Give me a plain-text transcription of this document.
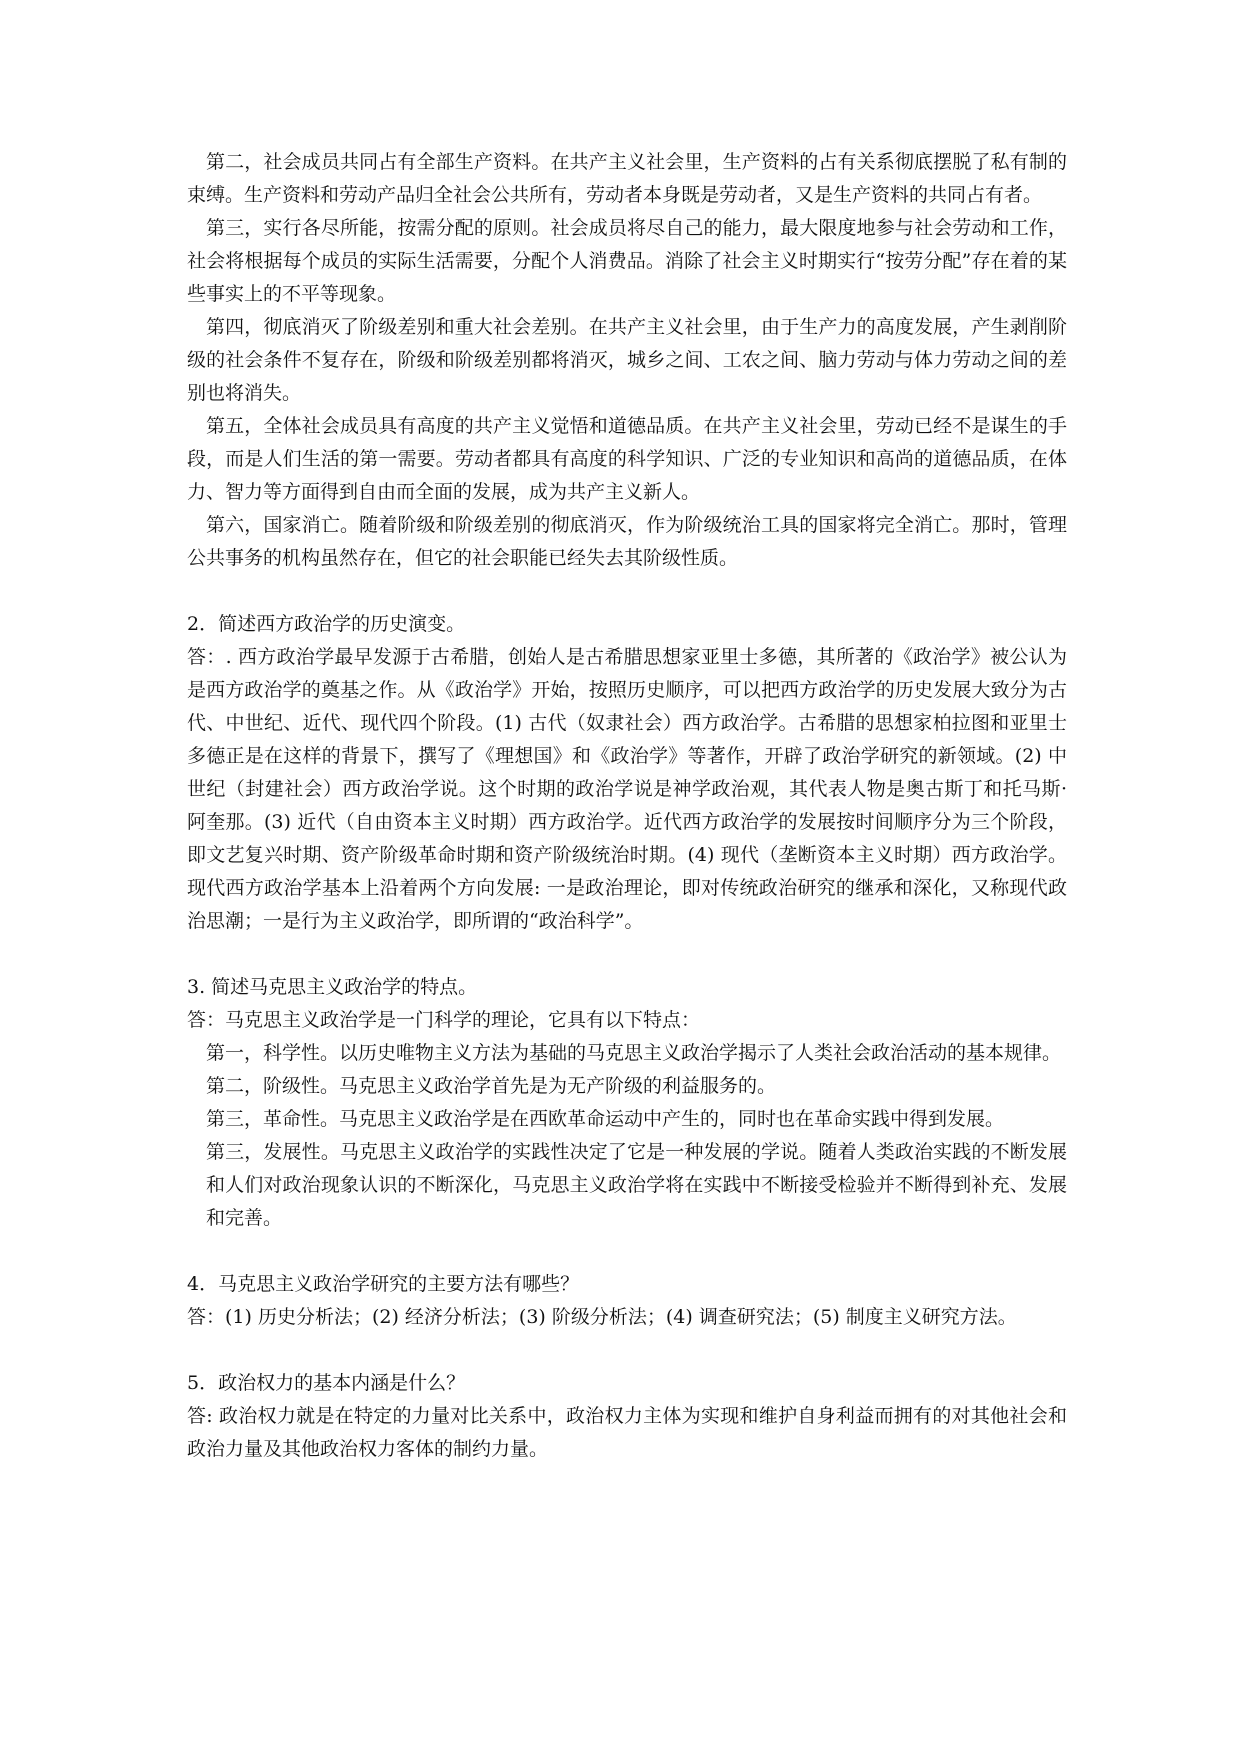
第二，社会成员共同占有全部生产资料。在共产主义社会里，生产资料的占有关系彻底摆脱了私有制的束缚。生产资料和劳动产品归全社会公共所有，劳动者本身既是劳动者，又是生产资料的共同占有者。

第三，实行各尽所能，按需分配的原则。社会成员将尽自己的能力，最大限度地参与社会劳动和工作，社会将根据每个成员的实际生活需要，分配个人消费品。消除了社会主义时期实行“按劳分配”存在着的某些事实上的不平等现象。

第四，彻底消灭了阶级差别和重大社会差别。在共产主义社会里，由于生产力的高度发展，产生剥削阶级的社会条件不复存在，阶级和阶级差别都将消灭，城乡之间、工农之间、脑力劳动与体力劳动之间的差别也将消失。

第五，全体社会成员具有高度的共产主义觉悟和道德品质。在共产主义社会里，劳动已经不是谋生的手段，而是人们生活的第一需要。劳动者都具有高度的科学知识、广泛的专业知识和高尚的道德品质，在体力、智力等方面得到自由而全面的发展，成为共产主义新人。

第六，国家消亡。随着阶级和阶级差别的彻底消灭，作为阶级统治工具的国家将完全消亡。那时，管理公共事务的机构虽然存在，但它的社会职能已经失去其阶级性质。

2．简述西方政治学的历史演变。

答：. 西方政治学最早发源于古希腊，创始人是古希腊思想家亚里士多德，其所著的《政治学》被公认为是西方政治学的奠基之作。从《政治学》开始，按照历史顺序，可以把西方政治学的历史发展大致分为古代、中世纪、近代、现代四个阶段。(1) 古代（奴隶社会）西方政治学。古希腊的思想家柏拉图和亚里士多德正是在这样的背景下，撰写了《理想国》和《政治学》等著作，开辟了政治学研究的新领域。(2) 中世纪（封建社会）西方政治学说。这个时期的政治学说是神学政治观，其代表人物是奥古斯丁和托马斯·阿奎那。(3) 近代（自由资本主义时期）西方政治学。近代西方政治学的发展按时间顺序分为三个阶段，即文艺复兴时期、资产阶级革命时期和资产阶级统治时期。(4) 现代（垄断资本主义时期）西方政治学。现代西方政治学基本上沿着两个方向发展: 一是政治理论，即对传统政治研究的继承和深化，又称现代政治思潮；一是行为主义政治学，即所谓的“政治科学”。

3. 简述马克思主义政治学的特点。

答：马克思主义政治学是一门科学的理论，它具有以下特点：

第一，科学性。以历史唯物主义方法为基础的马克思主义政治学揭示了人类社会政治活动的基本规律。

第二，阶级性。马克思主义政治学首先是为无产阶级的利益服务的。

第三，革命性。马克思主义政治学是在西欧革命运动中产生的，同时也在革命实践中得到发展。

第三，发展性。马克思主义政治学的实践性决定了它是一种发展的学说。随着人类政治实践的不断发展和人们对政治现象认识的不断深化，马克思主义政治学将在实践中不断接受检验并不断得到补充、发展和完善。

4．马克思主义政治学研究的主要方法有哪些？

答：(1) 历史分析法；(2) 经济分析法；(3) 阶级分析法；(4) 调查研究法；(5) 制度主义研究方法。

5．政治权力的基本内涵是什么？

答: 政治权力就是在特定的力量对比关系中，政治权力主体为实现和维护自身利益而拥有的对其他社会和政治力量及其他政治权力客体的制约力量。
